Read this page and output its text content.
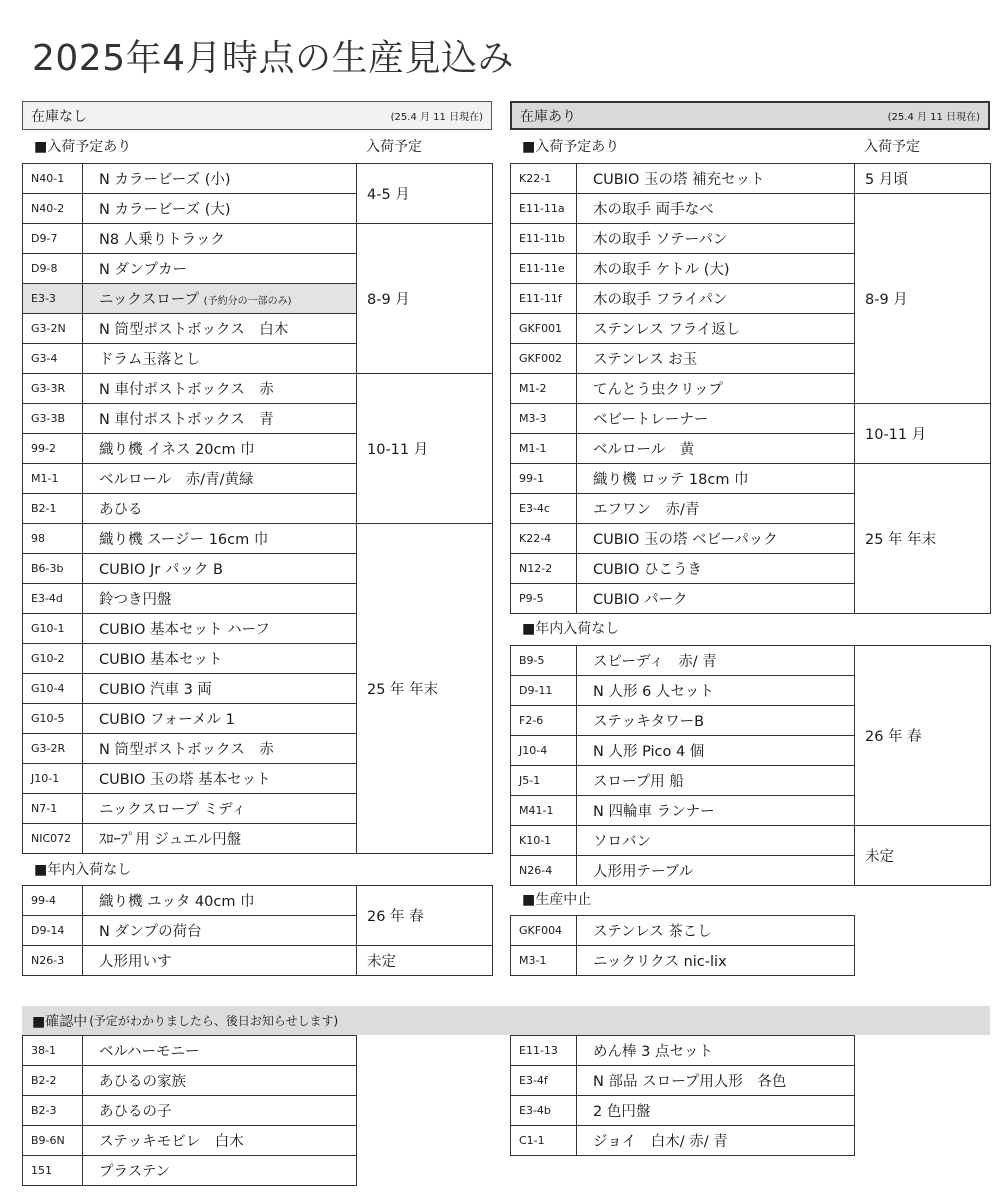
2025年4月時点の生産見込み
在庫なし	(25.4 月 11 日現在)
■入荷予定あり	入荷予定
N40-1	N カラービーズ (小)	4-5 月
N40-2	N カラービーズ (大)	
D9-7	N8 人乗りトラック	8-9 月
D9-8	N ダンプカー	
E3-3	ニックスロープ (予約分の一部のみ)	
G3-2N	N 筒型ポストボックス　白木	
G3-4	ドラム玉落とし	
G3-3R	N 車付ポストボックス　赤	10-11 月
G3-3B	N 車付ポストボックス　青	
99-2	織り機 イネス 20cm 巾	
M1-1	ベルロール　赤/青/黄緑	
B2-1	あひる	
98	織り機 スージー 16cm 巾	25 年 年末
B6-3b	CUBIO Jr パック B	
E3-4d	鈴つき円盤	
G10-1	CUBIO 基本セット ハーフ	
G10-2	CUBIO 基本セット	
G10-4	CUBIO 汽車 3 両	
G10-5	CUBIO フォーメル 1	
G3-2R	N 筒型ポストボックス　赤	
J10-1	CUBIO 玉の塔 基本セット	
N7-1	ニックスロープ ミディ	
NIC072	ｽﾛｰﾌﾟ用 ジュエル円盤	
■年内入荷なし
99-4	織り機 ユッタ 40cm 巾	26 年 春
D9-14	N ダンプの荷台	
N26-3	人形用いす	未定
在庫あり	(25.4 月 11 日現在)
■入荷予定あり	入荷予定
K22-1	CUBIO 玉の塔 補充セット	5 月頃
E11-11a	木の取手 両手なべ	8-9 月
E11-11b	木の取手 ソテーパン	
E11-11e	木の取手 ケトル (大)	
E11-11f	木の取手 フライパン	
GKF001	ステンレス フライ返し	
GKF002	ステンレス お玉	
M1-2	てんとう虫クリップ	
M3-3	ベビートレーナー	10-11 月
M1-1	ベルロール　黄	
99-1	織り機 ロッテ 18cm 巾	25 年 年末
E3-4c	エフワン　赤/青	
K22-4	CUBIO 玉の塔 ベビーパック	
N12-2	CUBIO ひこうき	
P9-5	CUBIO パーク	
■年内入荷なし
B9-5	スピーディ　赤/ 青	26 年 春
D9-11	N 人形 6 人セット	
F2-6	ステッキタワーB	
J10-4	N 人形 Pico 4 個	
J5-1	スロープ用 船	
M41-1	N 四輪車 ランナー	
K10-1	ソロバン	未定
N26-4	人形用テーブル	
■生産中止
GKF004	ステンレス 茶こし
M3-1	ニックリクス nic-lix
■確認中 (予定がわかりましたら、後日お知らせします)
38-1	ベルハーモニー
B2-2	あひるの家族
B2-3	あひるの子
B9-6N	ステッキモビレ　白木
151	プラステン
E11-13	めん棒 3 点セット
E3-4f	N 部品 スロープ用人形　各色
E3-4b	2 色円盤
C1-1	ジョイ　白木/ 赤/ 青
